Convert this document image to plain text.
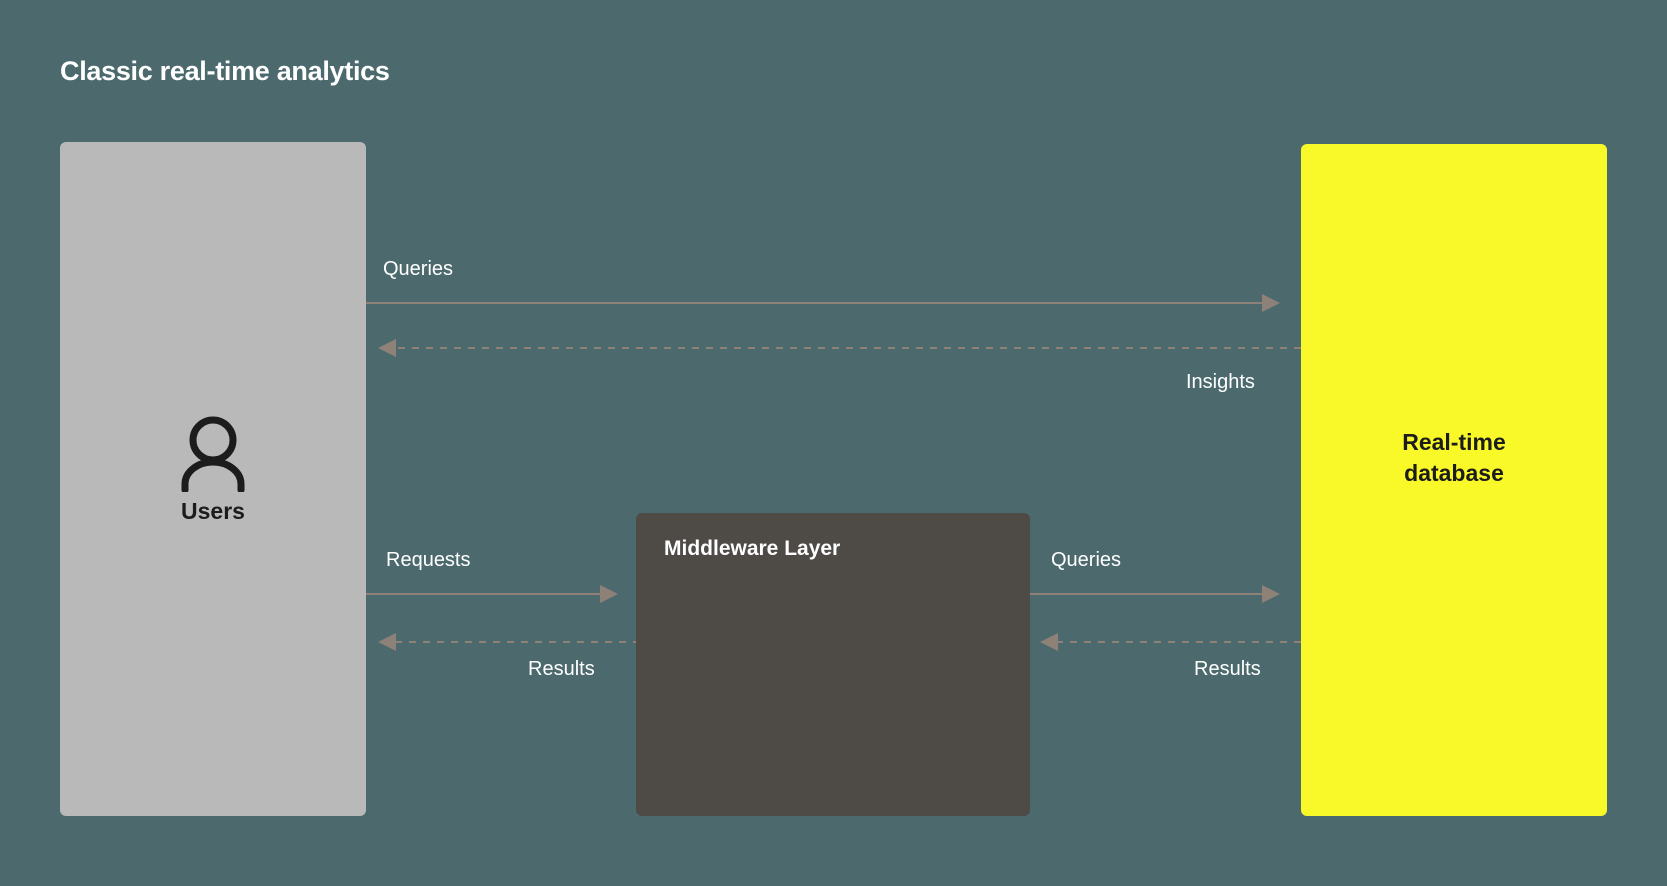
Classic real-time analytics
Queries
Insights
Requests	Queries
Results	Results
Users
Middleware Layer
Real-time
database
